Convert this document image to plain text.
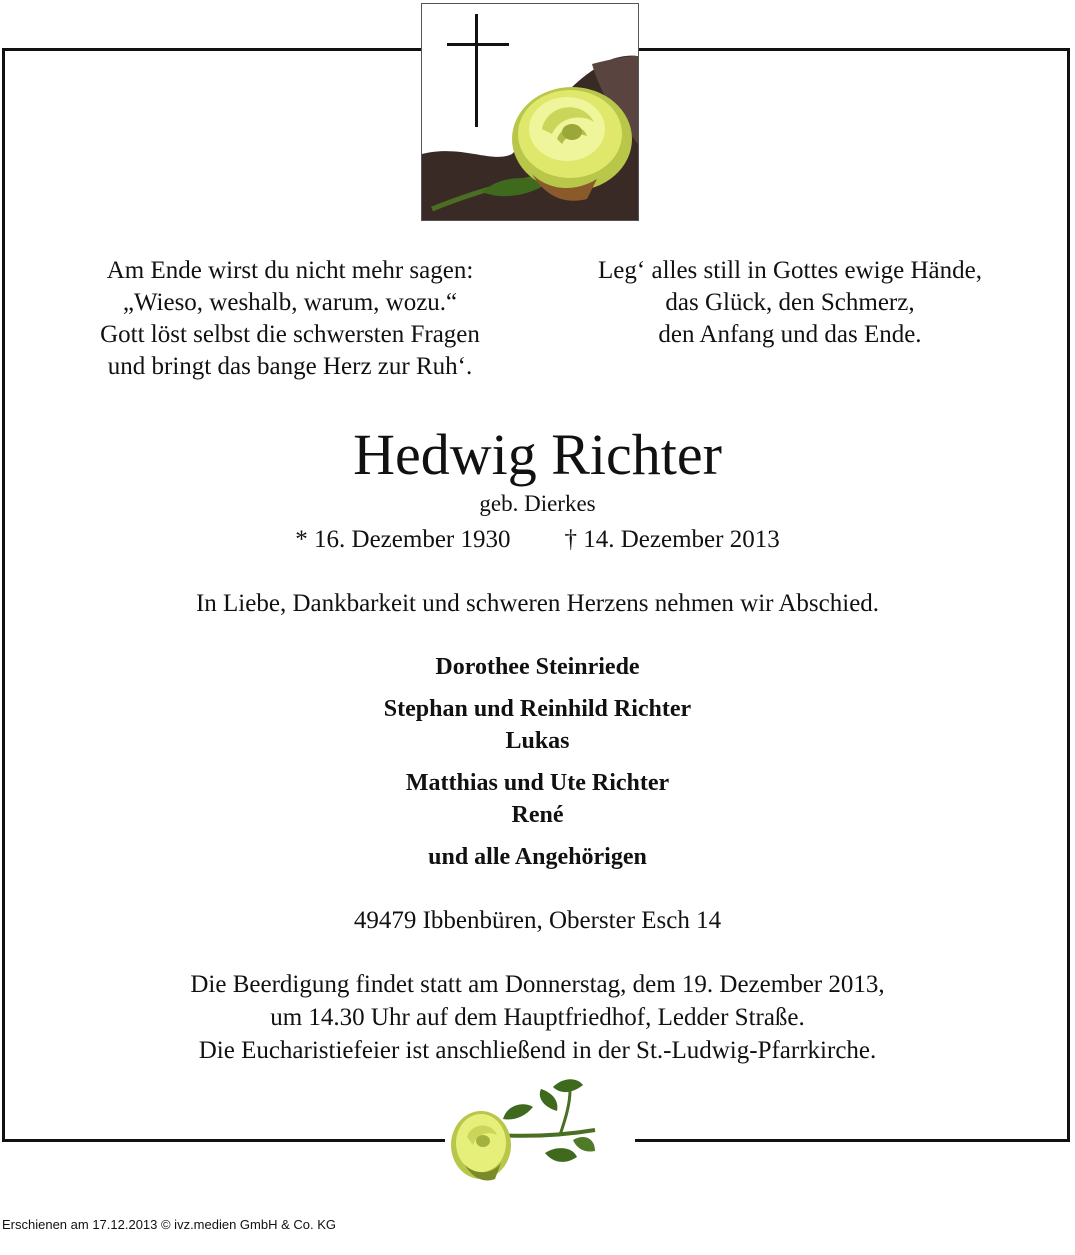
Am Ende wirst du nicht mehr sagen:
„Wieso, weshalb, warum, wozu.“
Gott löst selbst die schwersten Fragen
und bringt das bange Herz zur Ruh‘.
Leg‘ alles still in Gottes ewige Hände,
das Glück, den Schmerz,
den Anfang und das Ende.
Hedwig Richter
geb. Dierkes
* 16. Dezember 1930 † 14. Dezember 2013
In Liebe, Dankbarkeit und schweren Herzens nehmen wir Abschied.
Dorothee Steinriede
Stephan und Reinhild Richter
Lukas
Matthias und Ute Richter
René
und alle Angehörigen
49479 Ibbenbüren, Oberster Esch 14
Die Beerdigung findet statt am Donnerstag, dem 19. Dezember 2013,
um 14.30 Uhr auf dem Hauptfriedhof, Ledder Straße.
Die Eucharistiefeier ist anschließend in der St.-Ludwig-Pfarrkirche.
Erschienen am 17.12.2013 © ivz.medien GmbH & Co. KG
